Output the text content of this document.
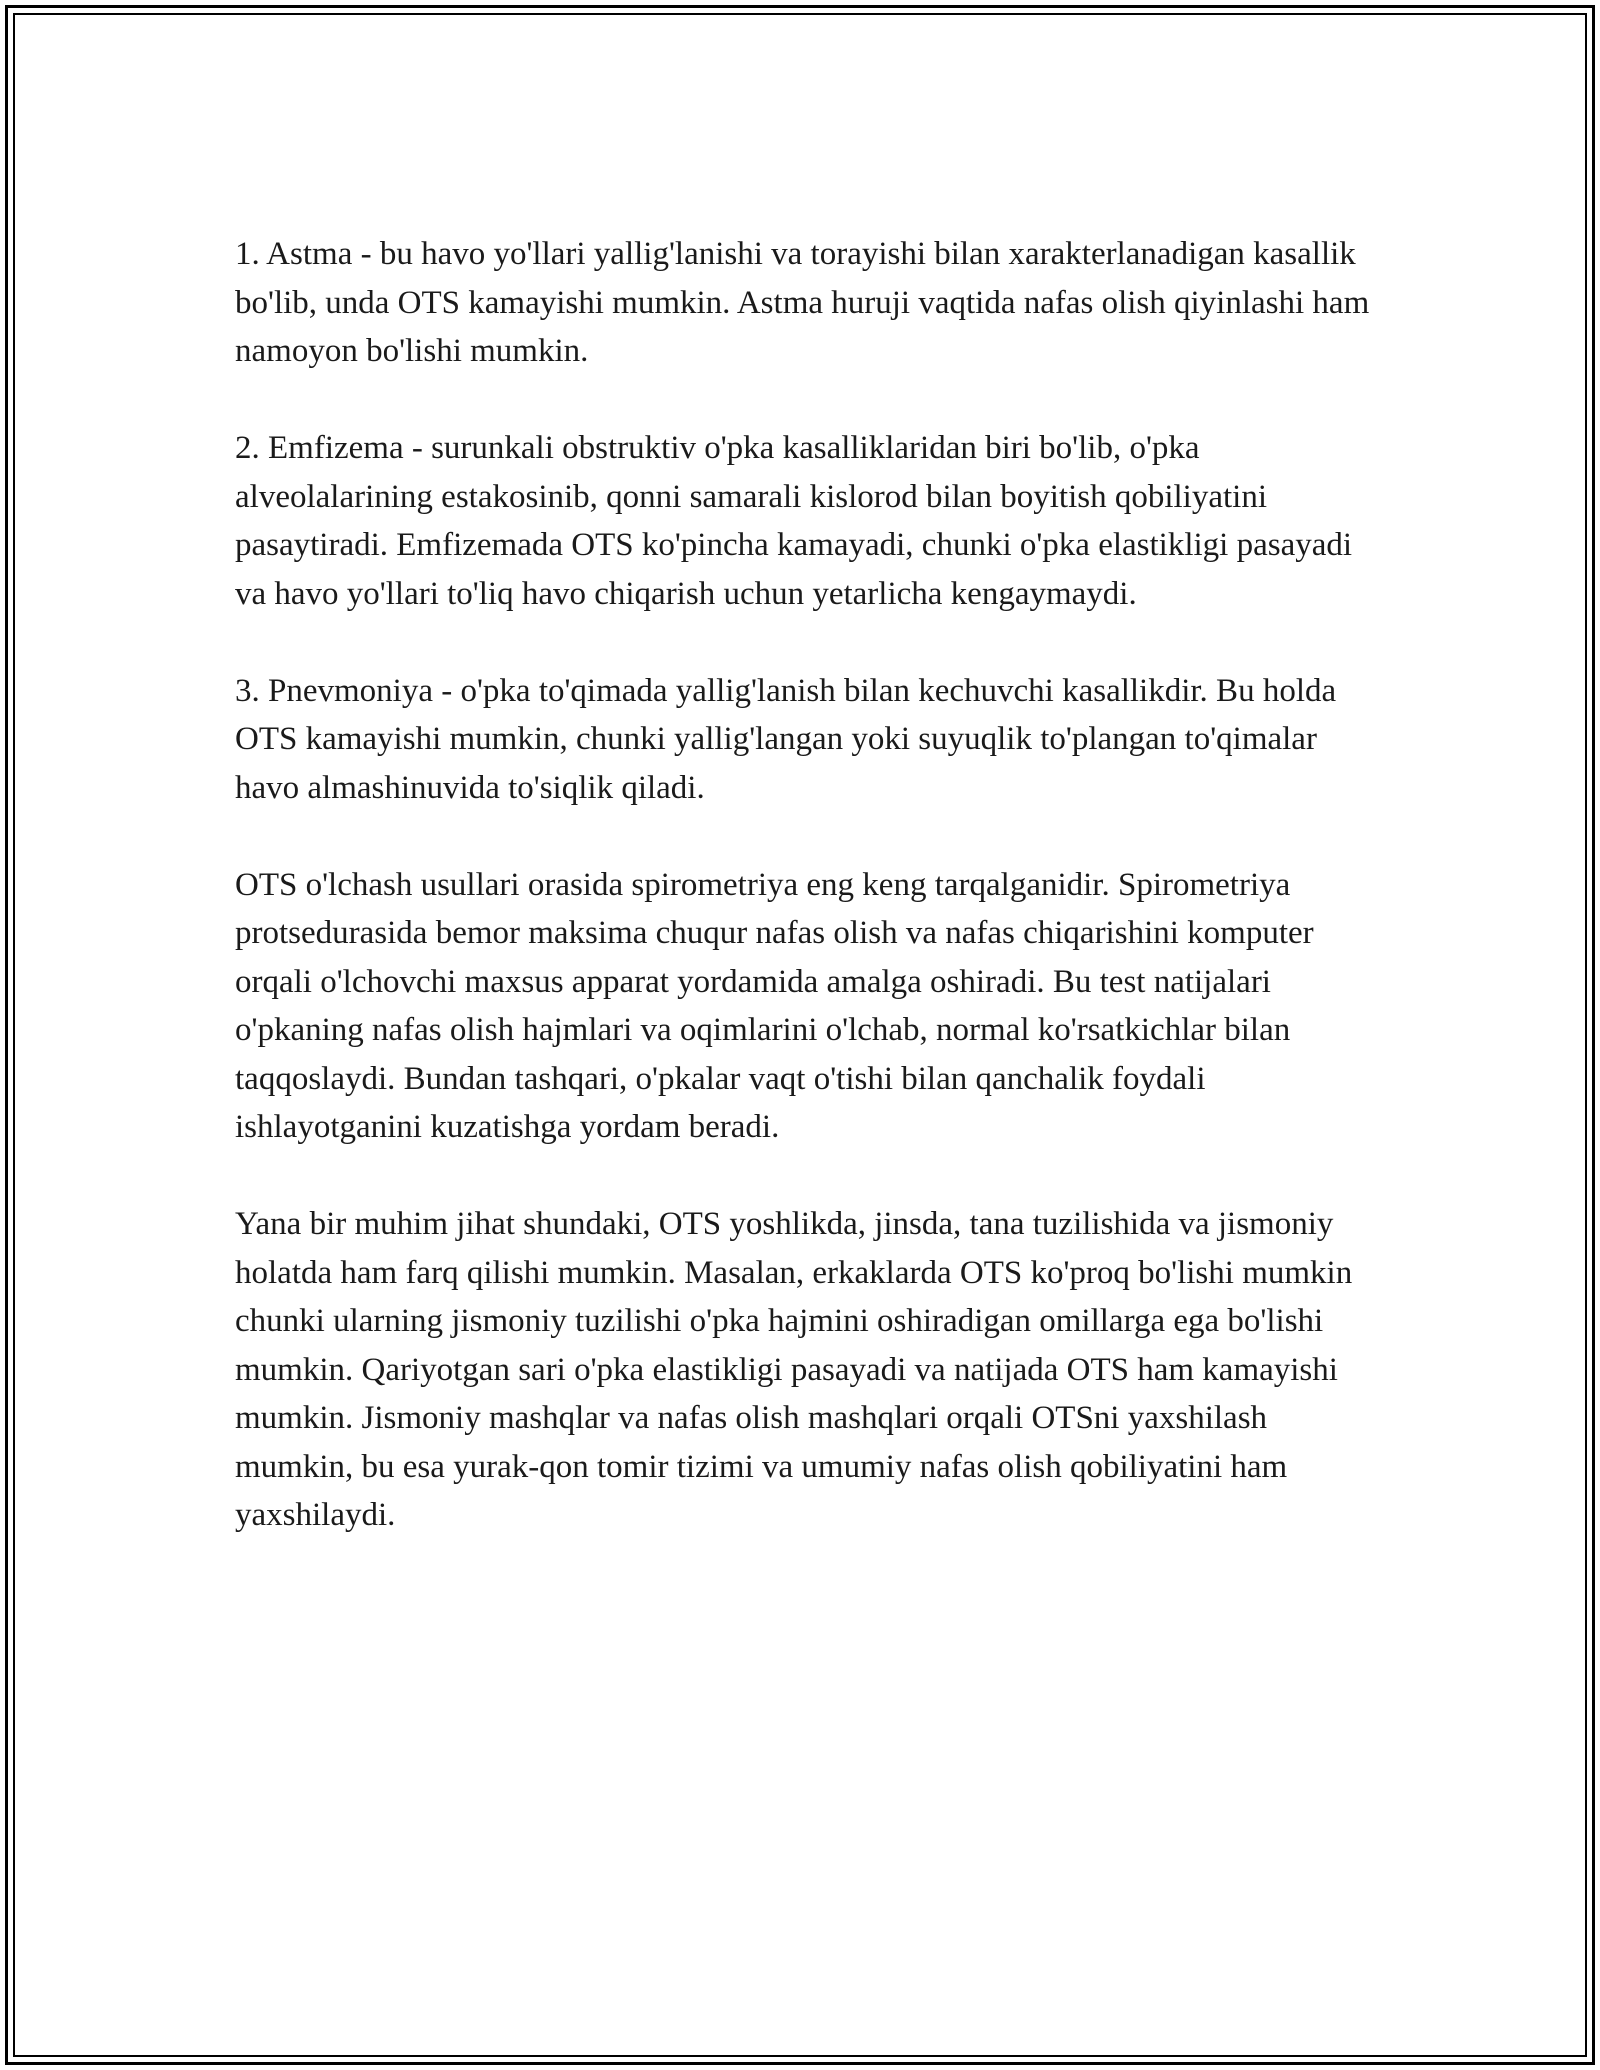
1. Astma - bu havo yo'llari yallig'lanishi va torayishi bilan xarakterlanadigan kasallik bo'lib, unda OTS kamayishi mumkin. Astma huruji vaqtida nafas olish qiyinlashi ham namoyon bo'lishi mumkin.

2. Emfizema - surunkali obstruktiv o'pka kasalliklaridan biri bo'lib, o'pka alveolalarining estakosinib, qonni samarali kislorod bilan boyitish qobiliyatini pasaytiradi. Emfizemada OTS ko'pincha kamayadi, chunki o'pka elastikligi pasayadi va havo yo'llari to'liq havo chiqarish uchun yetarlicha kengaymaydi.

3. Pnevmoniya - o'pka to'qimada yallig'lanish bilan kechuvchi kasallikdir. Bu holda OTS kamayishi mumkin, chunki yallig'langan yoki suyuqlik to'plangan to'qimalar havo almashinuvida to'siqlik qiladi.

OTS o'lchash usullari orasida spirometriya eng keng tarqalganidir. Spirometriya protsedurasida bemor maksima chuqur nafas olish va nafas chiqarishini komputer orqali o'lchovchi maxsus apparat yordamida amalga oshiradi. Bu test natijalari o'pkaning nafas olish hajmlari va oqimlarini o'lchab, normal ko'rsatkichlar bilan taqqoslaydi. Bundan tashqari, o'pkalar vaqt o'tishi bilan qanchalik foydali ishlayotganini kuzatishga yordam beradi.

Yana bir muhim jihat shundaki, OTS yoshlikda, jinsda, tana tuzilishida va jismoniy holatda ham farq qilishi mumkin. Masalan, erkaklarda OTS ko'proq bo'lishi mumkin chunki ularning jismoniy tuzilishi o'pka hajmini oshiradigan omillarga ega bo'lishi mumkin. Qariyotgan sari o'pka elastikligi pasayadi va natijada OTS ham kamayishi mumkin. Jismoniy mashqlar va nafas olish mashqlari orqali OTSni yaxshilash mumkin, bu esa yurak-qon tomir tizimi va umumiy nafas olish qobiliyatini ham yaxshilaydi.
